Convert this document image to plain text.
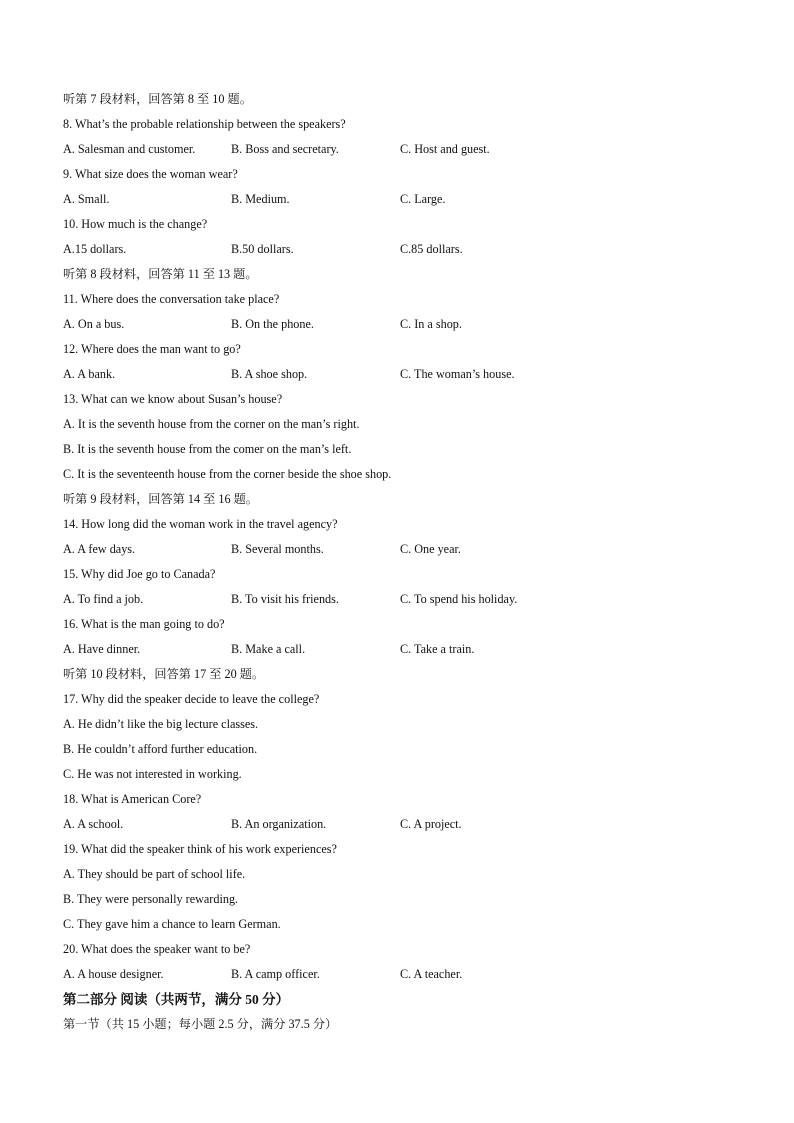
听第 7 段材料，回答第 8 至 10 题。
8. What’s the probable relationship between the speakers?
A. Salesman and customer.	B. Boss and secretary.	C. Host and guest.
9. What size does the woman wear?
A. Small.	B. Medium.	C. Large.
10. How much is the change?
A.15 dollars.	B.50 dollars.	C.85 dollars.
听第 8 段材料，回答第 11 至 13 题。
11. Where does the conversation take place?
A. On a bus.	B. On the phone.	C. In a shop.
12. Where does the man want to go?
A. A bank.	B. A shoe shop.	C. The woman’s house.
13. What can we know about Susan’s house?
A. It is the seventh house from the corner on the man’s right.
B. It is the seventh house from the comer on the man’s left.
C. It is the seventeenth house from the corner beside the shoe shop.
听第 9 段材料，回答第 14 至 16 题。
14. How long did the woman work in the travel agency?
A. A few days.	B. Several months.	C. One year.
15. Why did Joe go to Canada?
A. To find a job.	B. To visit his friends.	C. To spend his holiday.
16. What is the man going to do?
A. Have dinner.	B. Make a call.	C. Take a train.
听第 10 段材料，回答第 17 至 20 题。
17. Why did the speaker decide to leave the college?
A. He didn’t like the big lecture classes.
B. He couldn’t afford further education.
C. He was not interested in working.
18. What is American Core?
A. A school.	B. An organization.	C. A project.
19. What did the speaker think of his work experiences?
A. They should be part of school life.
B. They were personally rewarding.
C. They gave him a chance to learn German.
20. What does the speaker want to be?
A. A house designer.	B. A camp officer.	C. A teacher.
第二部分 阅读（共两节，满分 50 分）
第一节（共 15 小题；每小题 2.5 分，满分 37.5 分）
